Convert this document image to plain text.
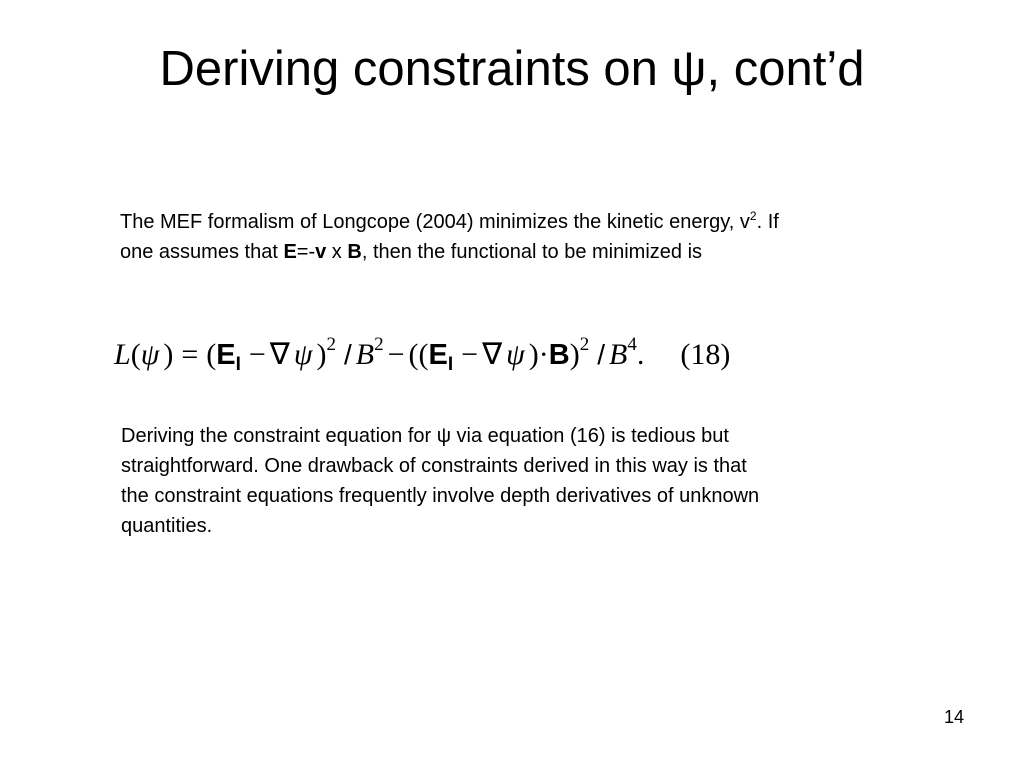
Deriving constraints on ψ, cont’d
The MEF formalism of Longcope (2004) minimizes the kinetic energy, $v^2$. If
one assumes that E=-v x B, then the functional to be minimized is
L(ψ ) = (EI − ∇ ψ )2 / B2 − ((EI − ∇ ψ )·B)2 / B4. (18)
Deriving the constraint equation for ψ via equation (16) is tedious but
straightforward. One drawback of constraints derived in this way is that
the constraint equations frequently involve depth derivatives of unknown
quantities.
14
